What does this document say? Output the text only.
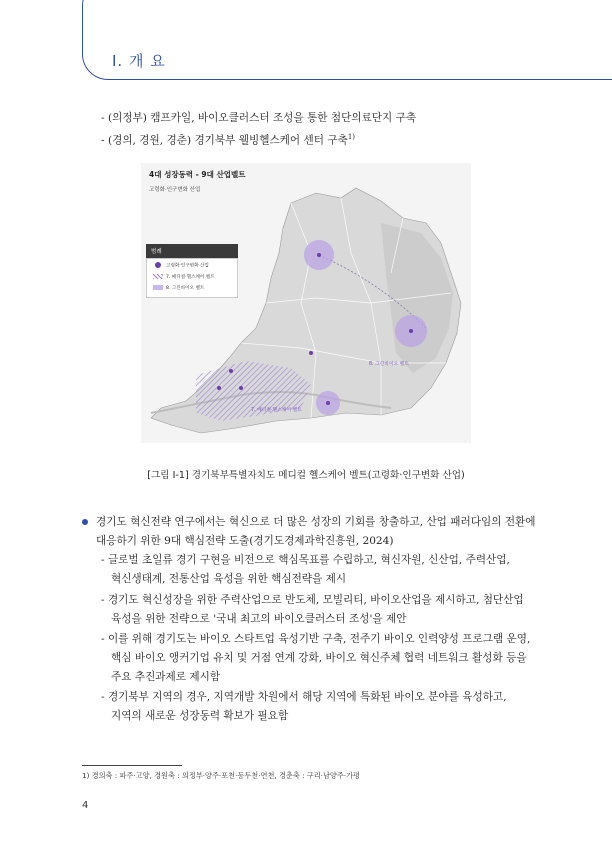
I. 개 요
- (의정부) 캠프카일, 바이오클러스터 조성을 통한 첨단의료단지 구축
- (경의, 경원, 경춘) 경기북부 웰빙헬스케어 센터 구축$^{1)}$
4대 성장동력 - 9대 산업벨트
고령화·인구변화 산업
범례
고령화·인구변화 산업
7. 메디컬·헬스케어 벨트
8. 그린바이오 벨트
8. 그린바이오 벨트
7. 메디컬·헬스케어 벨트
[그림 Ⅰ-1] 경기북부특별자치도 메디컬 헬스케어 벨트(고령화·인구변화 산업)
경기도 혁신전략 연구에서는 혁신으로 더 많은 성장의 기회를 창출하고, 산업 패러다임의 전환에
대응하기 위한 9대 핵심전략 도출(경기도경제과학진흥원, 2024)
- 글로벌 초일류 경기 구현을 비전으로 핵심목표를 수립하고, 혁신자원, 신산업, 주력산업,
혁신생태계, 전통산업 육성을 위한 핵심전략을 제시
- 경기도 혁신성장을 위한 주력산업으로 반도체, 모빌리티, 바이오산업을 제시하고, 첨단산업
육성을 위한 전략으로 '국내 최고의 바이오클러스터 조성'을 제안
- 이를 위해 경기도는 바이오 스타트업 육성기반 구축, 전주기 바이오 인력양성 프로그램 운영,
핵심 바이오 앵커기업 유치 및 거점 연계 강화, 바이오 혁신주체 협력 네트워크 활성화 등을
주요 추진과제로 제시함
- 경기북부 지역의 경우, 지역개발 차원에서 해당 지역에 특화된 바이오 분야를 육성하고,
지역의 새로운 성장동력 확보가 필요함
1) 경의축 : 파주·고양, 경원축 : 의정부·양주·포천·동두천·연천, 경춘축 : 구리·남양주·가평
4
